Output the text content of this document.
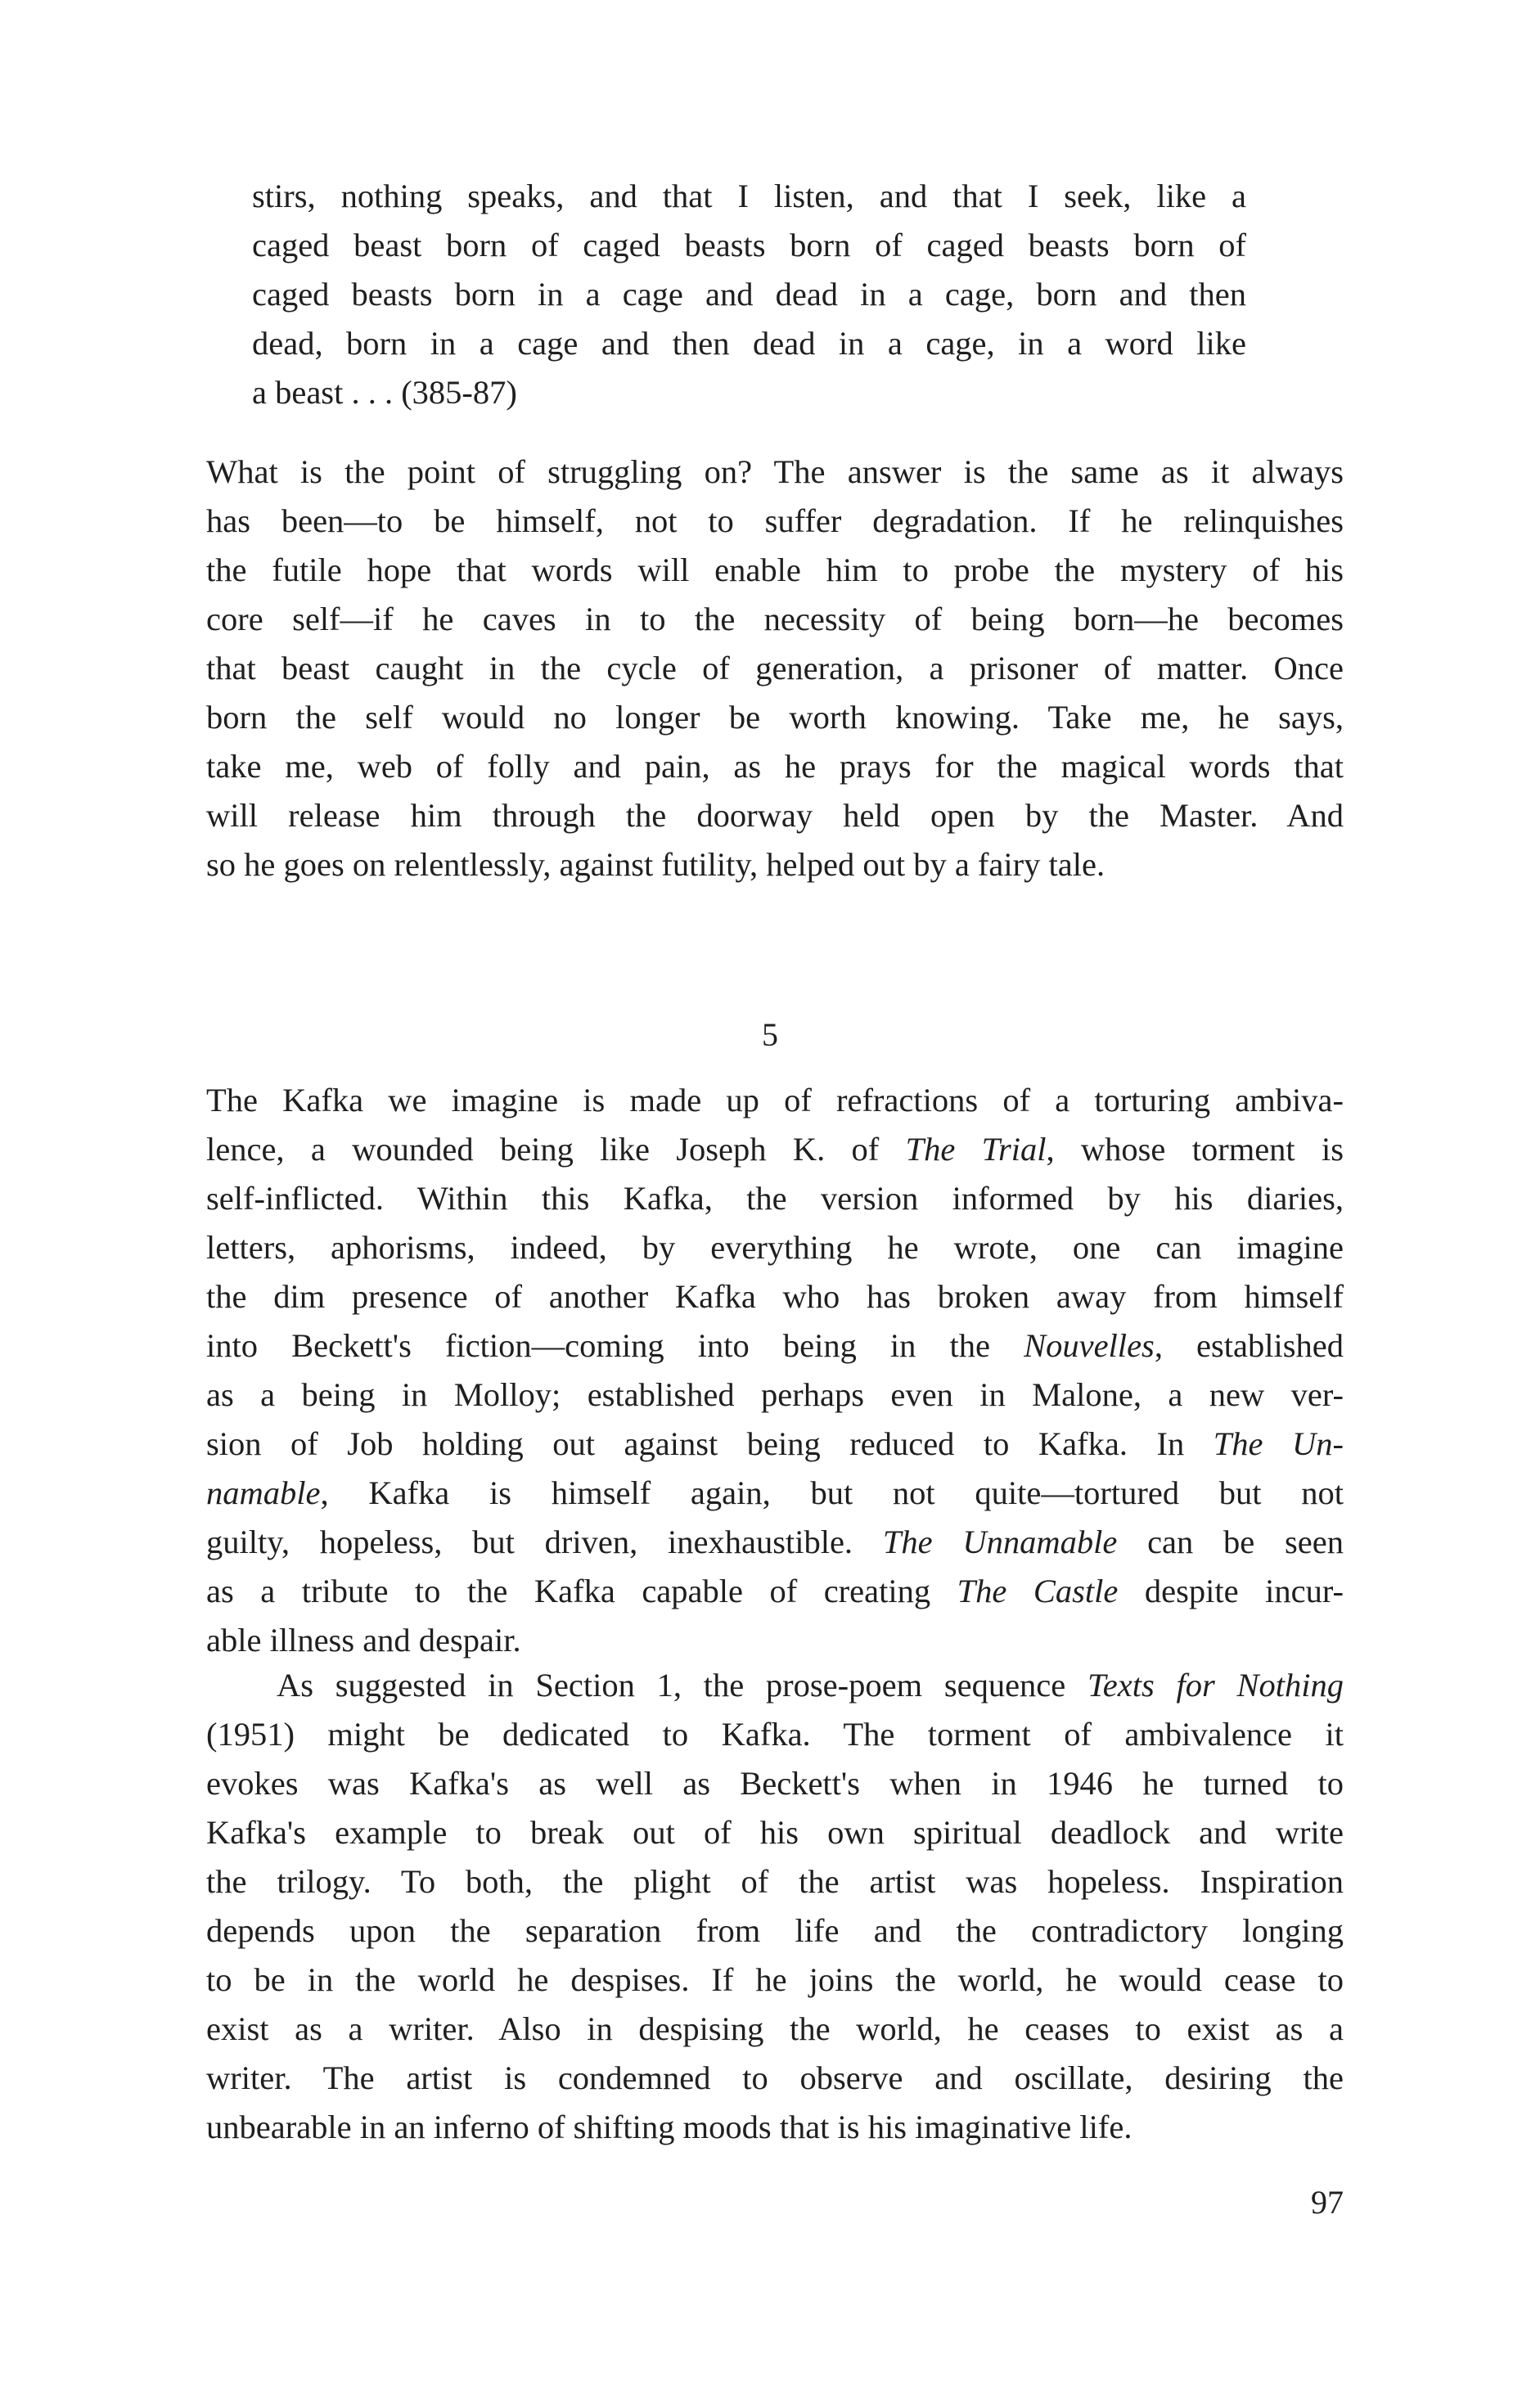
stirs, nothing speaks, and that I listen, and that I seek, like a
caged beast born of caged beasts born of caged beasts born of
caged beasts born in a cage and dead in a cage, born and then
dead, born in a cage and then dead in a cage, in a word like
a beast . . . (385-87)
What is the point of struggling on? The answer is the same as it always
has been—to be himself, not to suffer degradation. If he relinquishes
the futile hope that words will enable him to probe the mystery of his
core self—if he caves in to the necessity of being born—he becomes
that beast caught in the cycle of generation, a prisoner of matter. Once
born the self would no longer be worth knowing. Take me, he says,
take me, web of folly and pain, as he prays for the magical words that
will release him through the doorway held open by the Master. And
so he goes on relentlessly, against futility, helped out by a fairy tale.
5
The Kafka we imagine is made up of refractions of a torturing ambiva-
lence, a wounded being like Joseph K. of The Trial, whose torment is
self-inflicted. Within this Kafka, the version informed by his diaries,
letters, aphorisms, indeed, by everything he wrote, one can imagine
the dim presence of another Kafka who has broken away from himself
into Beckett's fiction—coming into being in the Nouvelles, established
as a being in Molloy; established perhaps even in Malone, a new ver-
sion of Job holding out against being reduced to Kafka. In The Un-
namable, Kafka is himself again, but not quite—tortured but not
guilty, hopeless, but driven, inexhaustible. The Unnamable can be seen
as a tribute to the Kafka capable of creating The Castle despite incur-
able illness and despair.
As suggested in Section 1, the prose-poem sequence Texts for Nothing
(1951) might be dedicated to Kafka. The torment of ambivalence it
evokes was Kafka's as well as Beckett's when in 1946 he turned to
Kafka's example to break out of his own spiritual deadlock and write
the trilogy. To both, the plight of the artist was hopeless. Inspiration
depends upon the separation from life and the contradictory longing
to be in the world he despises. If he joins the world, he would cease to
exist as a writer. Also in despising the world, he ceases to exist as a
writer. The artist is condemned to observe and oscillate, desiring the
unbearable in an inferno of shifting moods that is his imaginative life.
97
